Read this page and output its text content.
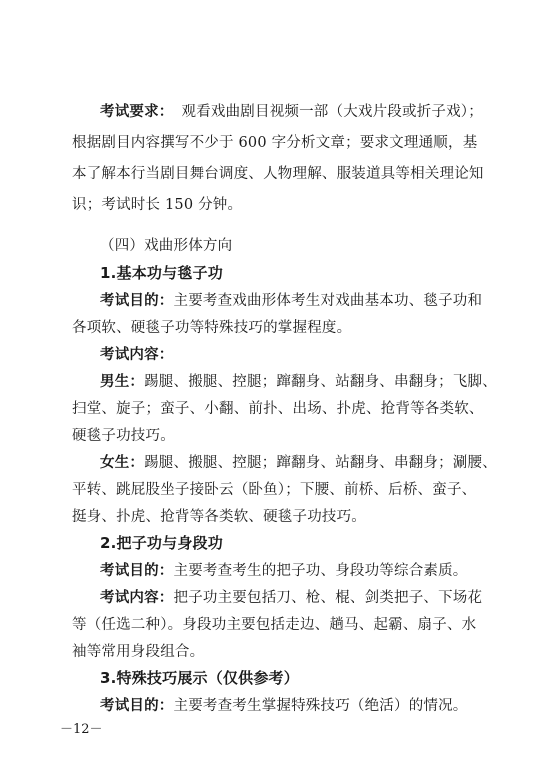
考试要求： 观看戏曲剧目视频一部（大戏片段或折子戏）；
根据剧目内容撰写不少于 600 字分析文章；要求文理通顺，基
本了解本行当剧目舞台调度、人物理解、服装道具等相关理论知
识；考试时长 150 分钟。
（四）戏曲形体方向
1.基本功与毯子功
考试目的：主要考查戏曲形体考生对戏曲基本功、毯子功和
各项软、硬毯子功等特殊技巧的掌握程度。
考试内容：
男生：踢腿、搬腿、控腿；蹿翻身、站翻身、串翻身；飞脚、
扫堂、旋子；蛮子、小翻、前扑、出场、扑虎、抢背等各类软、
硬毯子功技巧。
女生：踢腿、搬腿、控腿；蹿翻身、站翻身、串翻身；涮腰、
平转、跳屁股坐子接卧云（卧鱼）；下腰、前桥、后桥、蛮子、
挺身、扑虎、抢背等各类软、硬毯子功技巧。
2.把子功与身段功
考试目的：主要考查考生的把子功、身段功等综合素质。
考试内容：把子功主要包括刀、枪、棍、剑类把子、下场花
等（任选二种）。身段功主要包括走边、趟马、起霸、扇子、水
袖等常用身段组合。
3.特殊技巧展示（仅供参考）
考试目的：主要考查考生掌握特殊技巧（绝活）的情况。
－12－
